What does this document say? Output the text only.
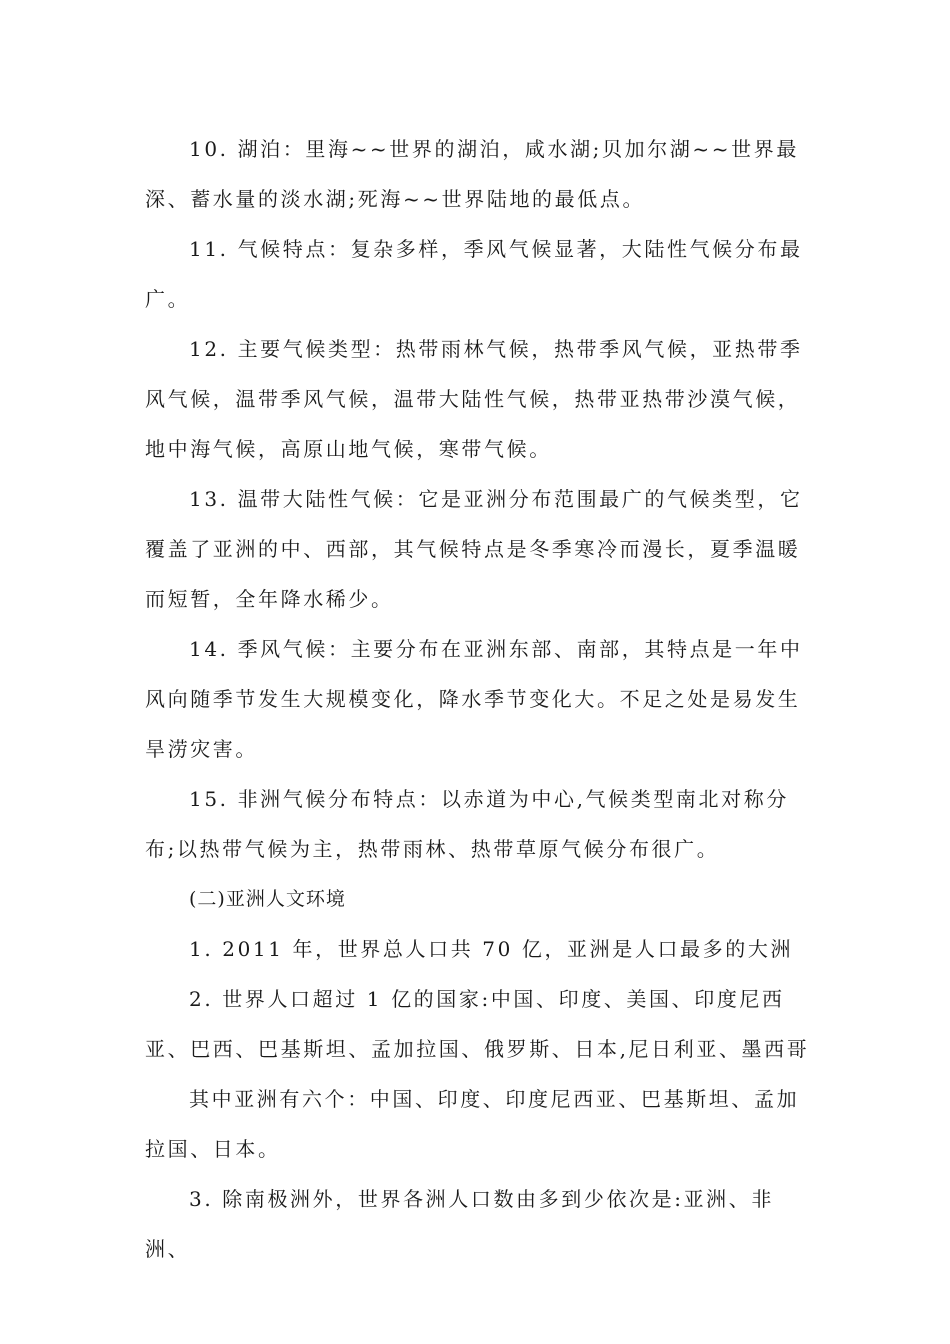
10. 湖泊：里海~~世界的湖泊，咸水湖;贝加尔湖~~世界最深、蓄水量的淡水湖;死海~~世界陆地的最低点。

11. 气候特点：复杂多样，季风气候显著，大陆性气候分布最广。

12. 主要气候类型：热带雨林气候，热带季风气候，亚热带季风气候，温带季风气候，温带大陆性气候，热带亚热带沙漠气候，地中海气候，高原山地气候，寒带气候。

13. 温带大陆性气候：它是亚洲分布范围最广的气候类型，它覆盖了亚洲的中、西部，其气候特点是冬季寒冷而漫长，夏季温暖而短暂，全年降水稀少。

14. 季风气候：主要分布在亚洲东部、南部，其特点是一年中风向随季节发生大规模变化，降水季节变化大。不足之处是易发生旱涝灾害。

15. 非洲气候分布特点：以赤道为中心,气候类型南北对称分布;以热带气候为主，热带雨林、热带草原气候分布很广。

(二)亚洲人文环境

1. 2011 年，世界总人口共 70 亿，亚洲是人口最多的大洲

2. 世界人口超过 1 亿的国家:中国、印度、美国、印度尼西亚、巴西、巴基斯坦、孟加拉国、俄罗斯、日本,尼日利亚、墨西哥

其中亚洲有六个：中国、印度、印度尼西亚、巴基斯坦、孟加拉国、日本。

3. 除南极洲外，世界各洲人口数由多到少依次是:亚洲、非洲、
